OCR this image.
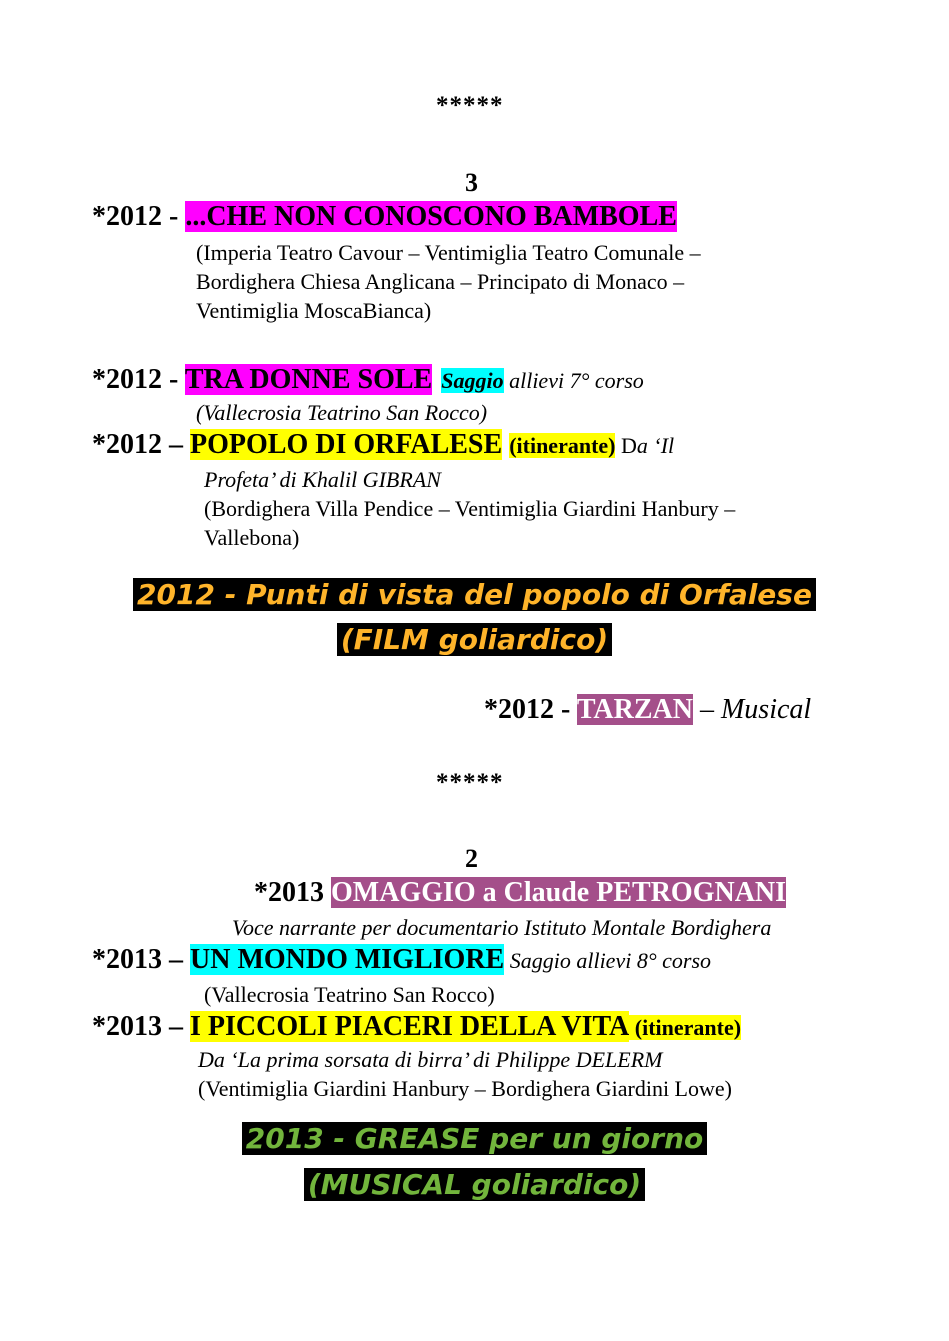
*****
3
*2012 - ...CHE NON CONOSCONO BAMBOLE
(Imperia Teatro Cavour – Ventimiglia Teatro Comunale –
Bordighera Chiesa Anglicana – Principato di Monaco –
Ventimiglia MoscaBianca)
*2012 - TRA DONNE SOLE Saggio allievi 7° corso
(Vallecrosia Teatrino San Rocco)
*2012 – POPOLO DI ORFALESE (itinerante) Da ‘Il
Profeta’ di Khalil GIBRAN
(Bordighera Villa Pendice – Ventimiglia Giardini Hanbury –
Vallebona)
2012 - Punti di vista del popolo di Orfalese
(FILM goliardico)
*2012 - TARZAN – Musical
*****
2
*2013 OMAGGIO a Claude PETROGNANI
Voce narrante per documentario Istituto Montale Bordighera
*2013 – UN MONDO MIGLIORE Saggio allievi 8° corso
(Vallecrosia Teatrino San Rocco)
*2013 – I PICCOLI PIACERI DELLA VITA (itinerante)
Da ‘La prima sorsata di birra’ di Philippe DELERM
(Ventimiglia Giardini Hanbury – Bordighera Giardini Lowe)
2013 - GREASE per un giorno
(MUSICAL goliardico)
